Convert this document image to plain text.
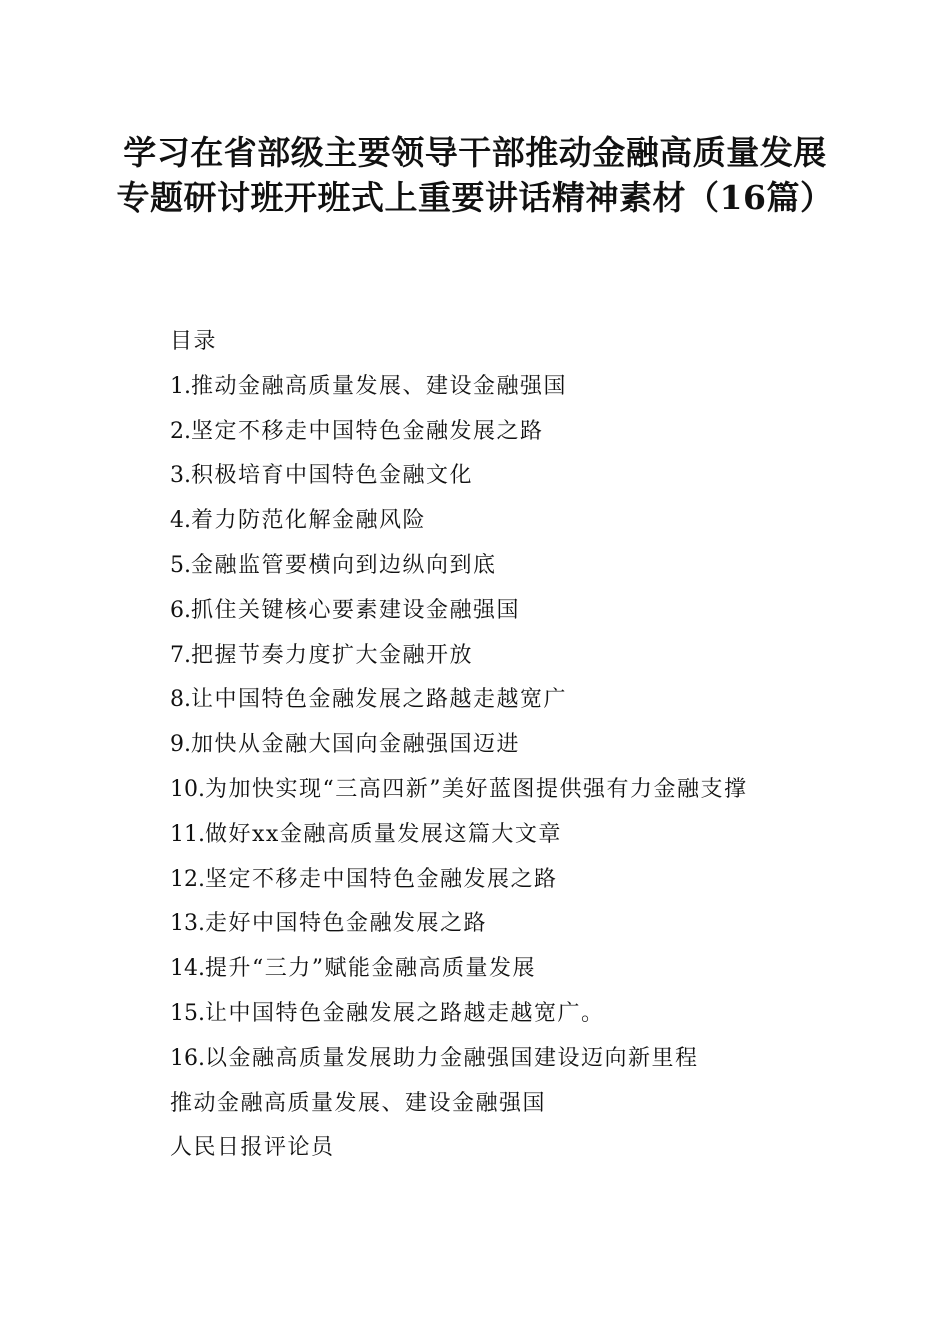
学习在省部级主要领导干部推动金融高质量发展专题研讨班开班式上重要讲话精神素材（16篇）
目录
1.推动金融高质量发展、建设金融强国
2.坚定不移走中国特色金融发展之路
3.积极培育中国特色金融文化
4.着力防范化解金融风险
5.金融监管要横向到边纵向到底
6.抓住关键核心要素建设金融强国
7.把握节奏力度扩大金融开放
8.让中国特色金融发展之路越走越宽广
9.加快从金融大国向金融强国迈进
10.为加快实现“三高四新”美好蓝图提供强有力金融支撑
11.做好xx金融高质量发展这篇大文章
12.坚定不移走中国特色金融发展之路
13.走好中国特色金融发展之路
14.提升“三力”赋能金融高质量发展
15.让中国特色金融发展之路越走越宽广。
16.以金融高质量发展助力金融强国建设迈向新里程
推动金融高质量发展、建设金融强国
人民日报评论员
